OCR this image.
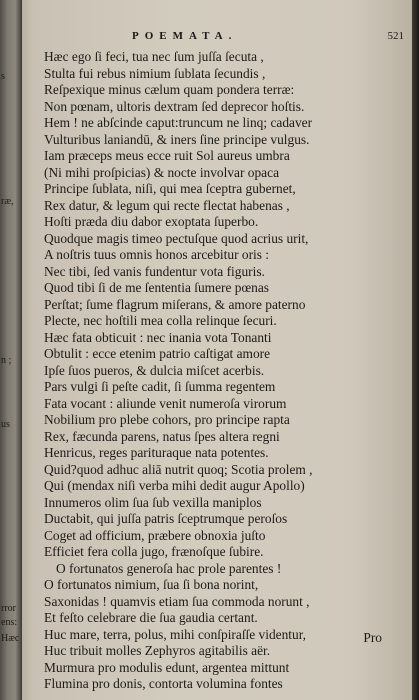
s
ræ,
n ;
us
rror
ens:
Hæc
POEMATA.	521
Hæc ego ſi feci, tua nec ſum juſſa ſecuta ,
Stulta fui rebus nimium ſublata ſecundis ,
Reſpexique minus cælum quam pondera terræ:
Non pœnam, ultoris dextram ſed deprecor hoſtis.
Hem ! ne abſcinde caput:truncum ne linq; cadaver
Vulturibus laniandū, & iners ſine principe vulgus.
Iam præceps meus ecce ruit Sol aureus umbra
(Ni mihi proſpicias) & nocte involvar opaca
Principe ſublata, niſi, qui mea ſceptra gubernet,
Rex datur, & legum qui recte flectat habenas ,
Hoſti præda diu dabor exoptata ſuperbo.
Quodque magis timeo pectuſque quod acrius urit,
A noſtris tuus omnis honos arcebitur oris :
Nec tibi, ſed vanis fundentur vota figuris.
Quod tibi ſi de me ſententia ſumere pœnas
Perſtat; ſume flagrum miſerans, & amore paterno
Plecte, nec hoſtili mea colla relinque ſecuri.
Hæc fata obticuit : nec inania vota Tonanti
Obtulit : ecce etenim patrio caſtigat amore
Ipſe ſuos pueros, & dulcia miſcet acerbis.
Pars vulgi ſi peſte cadit, ſi ſumma regentem
Fata vocant : aliunde venit numeroſa virorum
Nobilium pro plebe cohors, pro principe rapta
Rex, fæcunda parens, natus ſpes altera regni
Henricus, reges parituraque nata potentes.
Quid?quod adhuc aliā nutrit quoq; Scotia prolem ,
Qui (mendax niſi verba mihi dedit augur Apollo)
Innumeros olim ſua ſub vexilla maniplos
Ductabit, qui juſſa patris ſceptrumque peroſos
Coget ad officium, præbere obnoxia juſto
Efficiet fera colla jugo, frænoſque ſubire.
O fortunatos generoſa hac prole parentes !
O fortunatos nimium, ſua ſi bona norint,
Saxonidas ! quamvis etiam ſua commoda norunt ,
Et feſto celebrare die ſua gaudia certant.
Huc mare, terra, polus, mihi conſpiraſſe videntur,
Huc tribuit molles Zephyros agitabilis aër.
Murmura pro modulis edunt, argentea mittunt
Flumina pro donis, contorta volumina fontes
Pro
